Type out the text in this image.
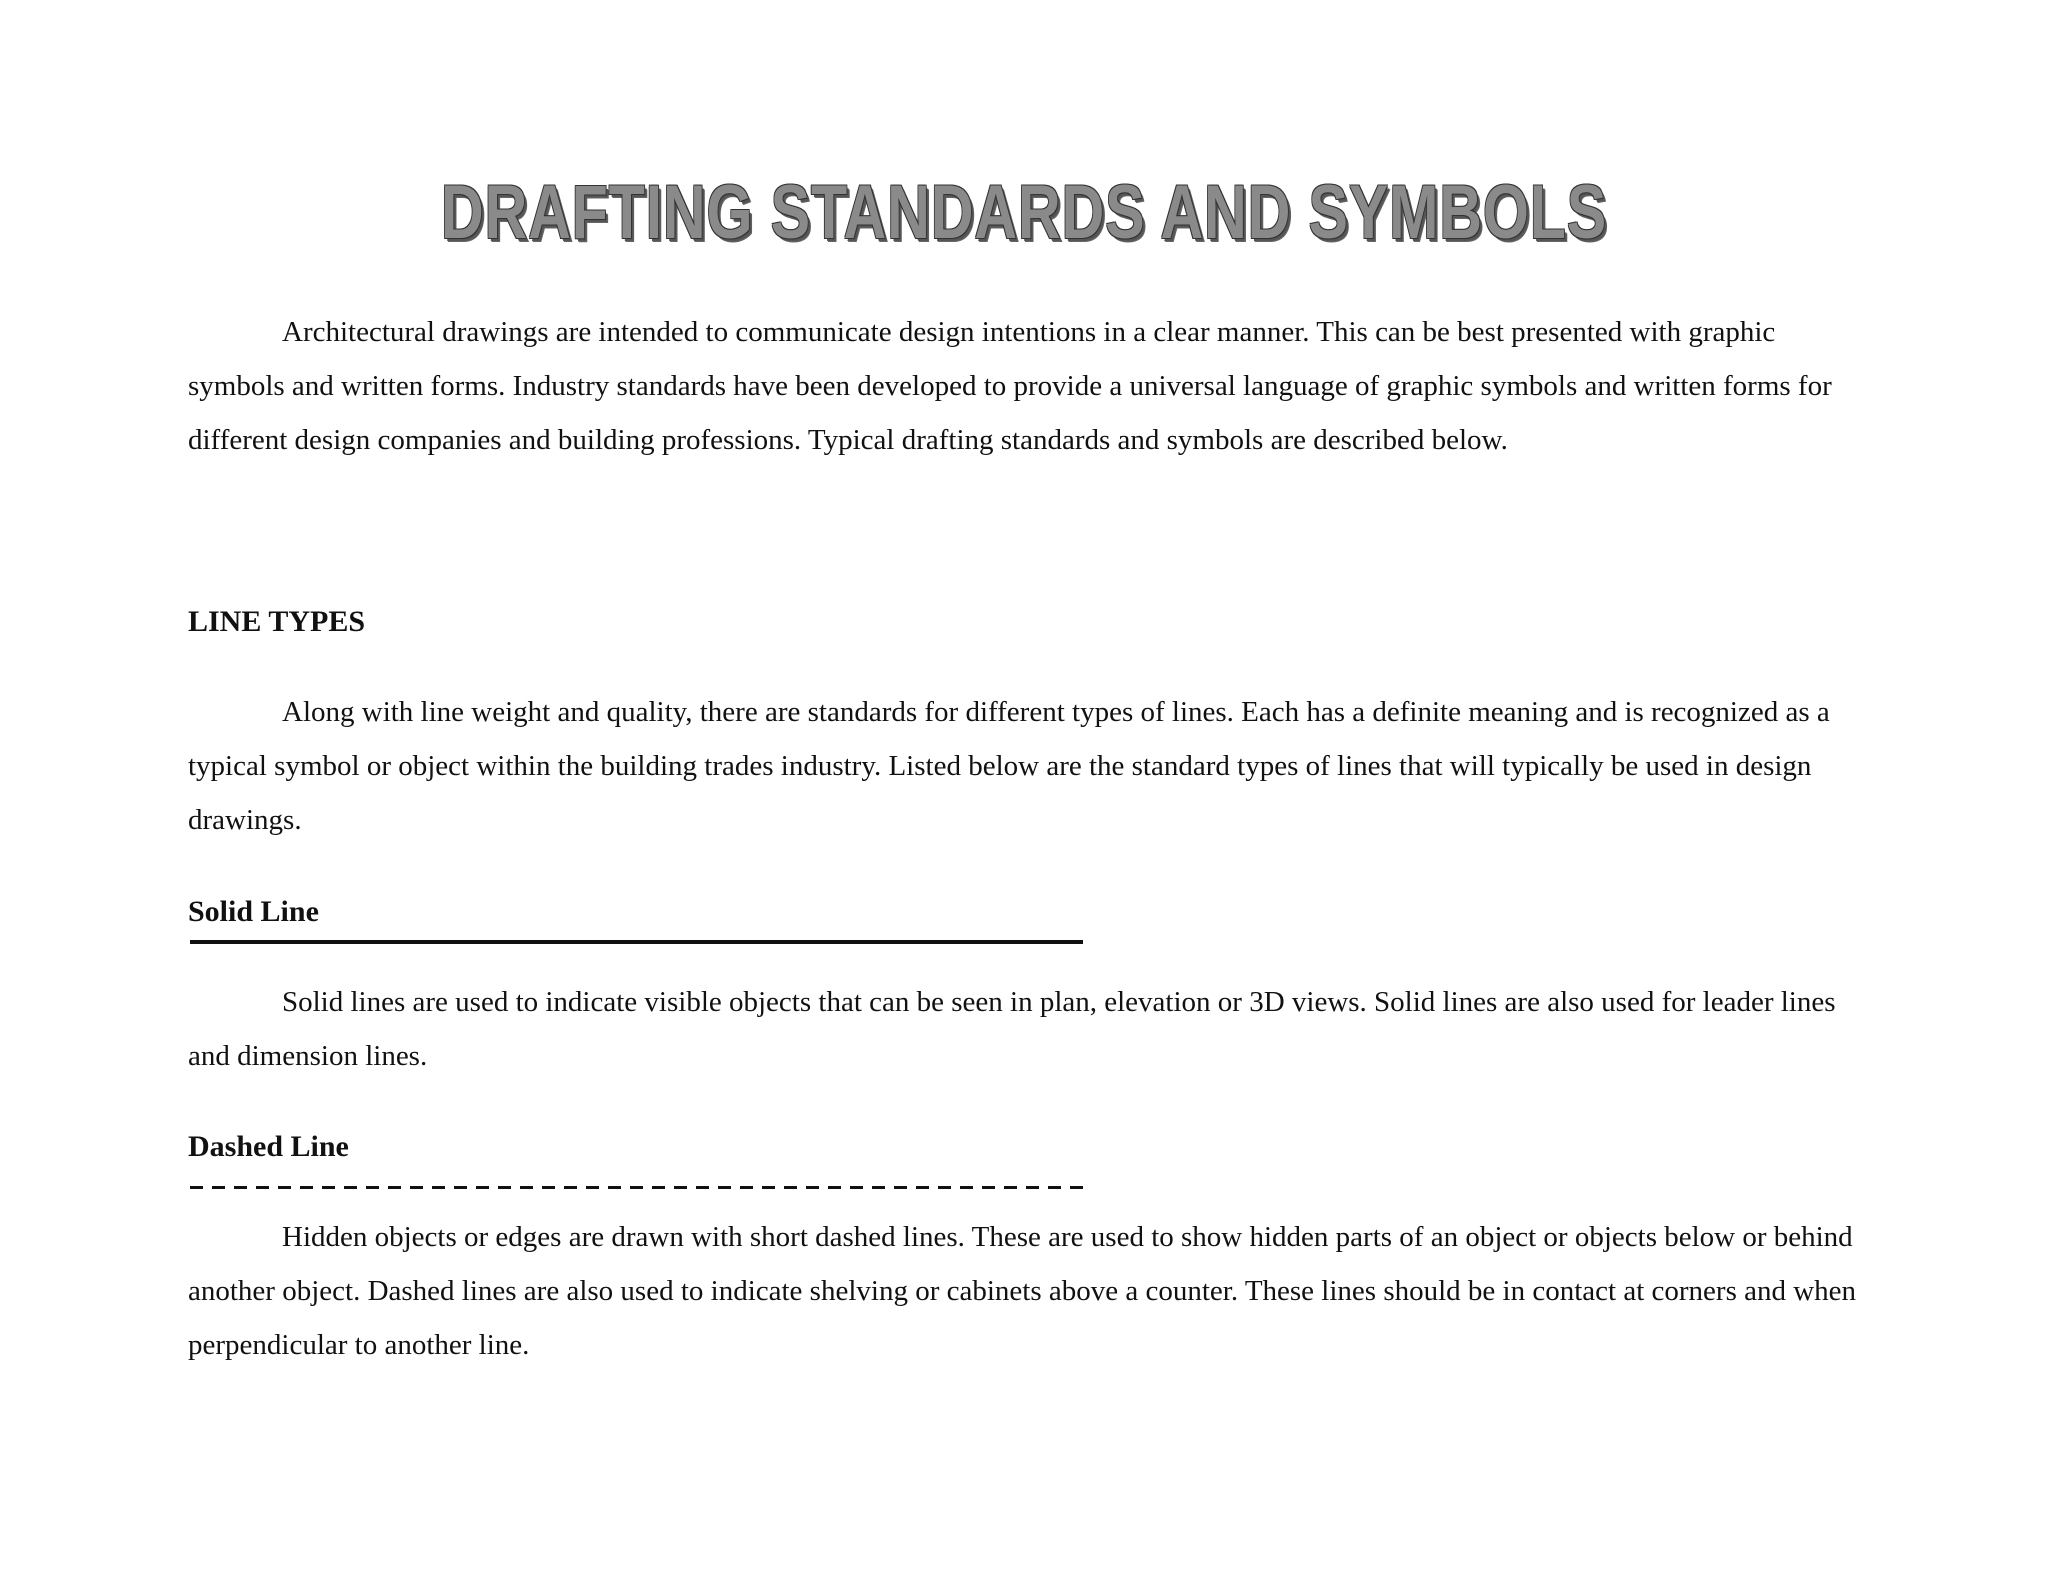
DRAFTING STANDARDS AND SYMBOLS

Architectural drawings are intended to communicate design intentions in a clear manner. This can be best presented with graphic symbols and written forms. Industry standards have been developed to provide a universal language of graphic symbols and written forms for different design companies and building professions. Typical drafting standards and symbols are described below.

LINE TYPES

Along with line weight and quality, there are standards for different types of lines. Each has a definite meaning and is recognized as a typical symbol or object within the building trades industry. Listed below are the standard types of lines that will typically be used in design drawings.

Solid Line

Solid lines are used to indicate visible objects that can be seen in plan, elevation or 3D views. Solid lines are also used for leader lines and dimension lines.

Dashed Line

Hidden objects or edges are drawn with short dashed lines. These are used to show hidden parts of an object or objects below or behind another object. Dashed lines are also used to indicate shelving or cabinets above a counter. These lines should be in contact at corners and when perpendicular to another line.
